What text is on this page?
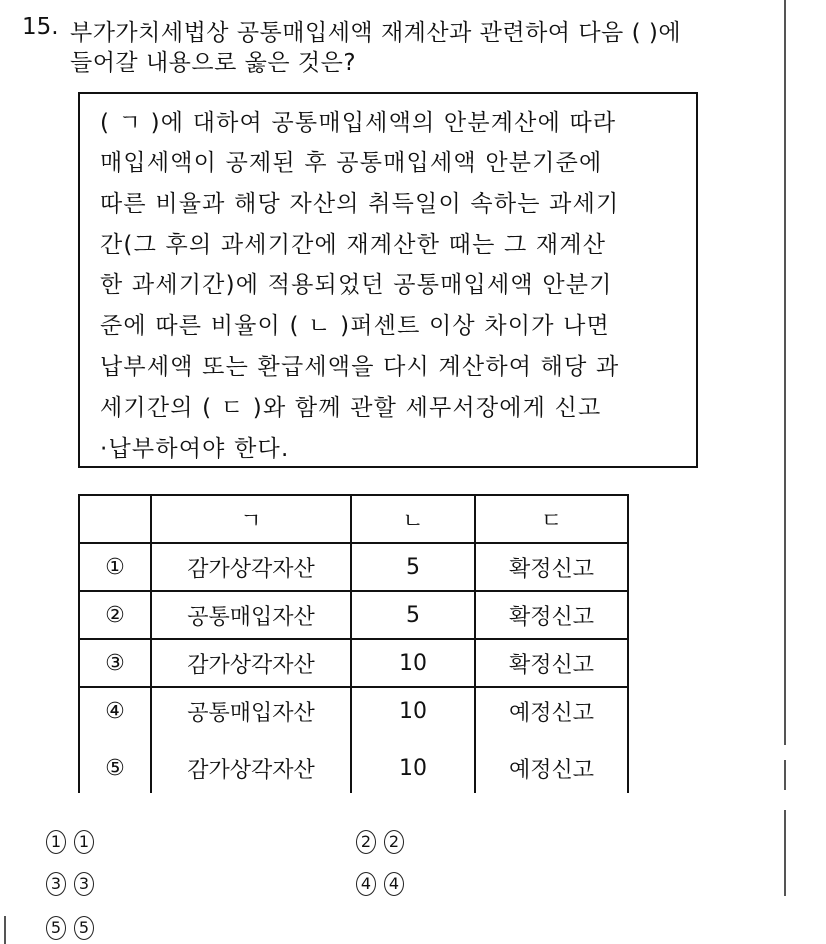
15. 부가가치세법상 공통매입세액 재계산과 관련하여 다음 ( )에
들어갈 내용으로 옳은 것은?
( ㄱ )에 대하여 공통매입세액의 안분계산에 따라
매입세액이 공제된 후 공통매입세액 안분기준에
따른 비율과 해당 자산의 취득일이 속하는 과세기
간(그 후의 과세기간에 재계산한 때는 그 재계산
한 과세기간)에 적용되었던 공통매입세액 안분기
준에 따른 비율이 ( ㄴ )퍼센트 이상 차이가 나면
납부세액 또는 환급세액을 다시 계산하여 해당 과
세기간의 ( ㄷ )와 함께 관할 세무서장에게 신고
·납부하여야 한다.
	ㄱ	ㄴ	ㄷ
①	감가상각자산	5	확정신고
②	공통매입자산	5	확정신고
③	감가상각자산	10	확정신고
④	공통매입자산	10	예정신고
⑤	감가상각자산	10	예정신고
1 1	2 2
3 3	4 4
5 5
